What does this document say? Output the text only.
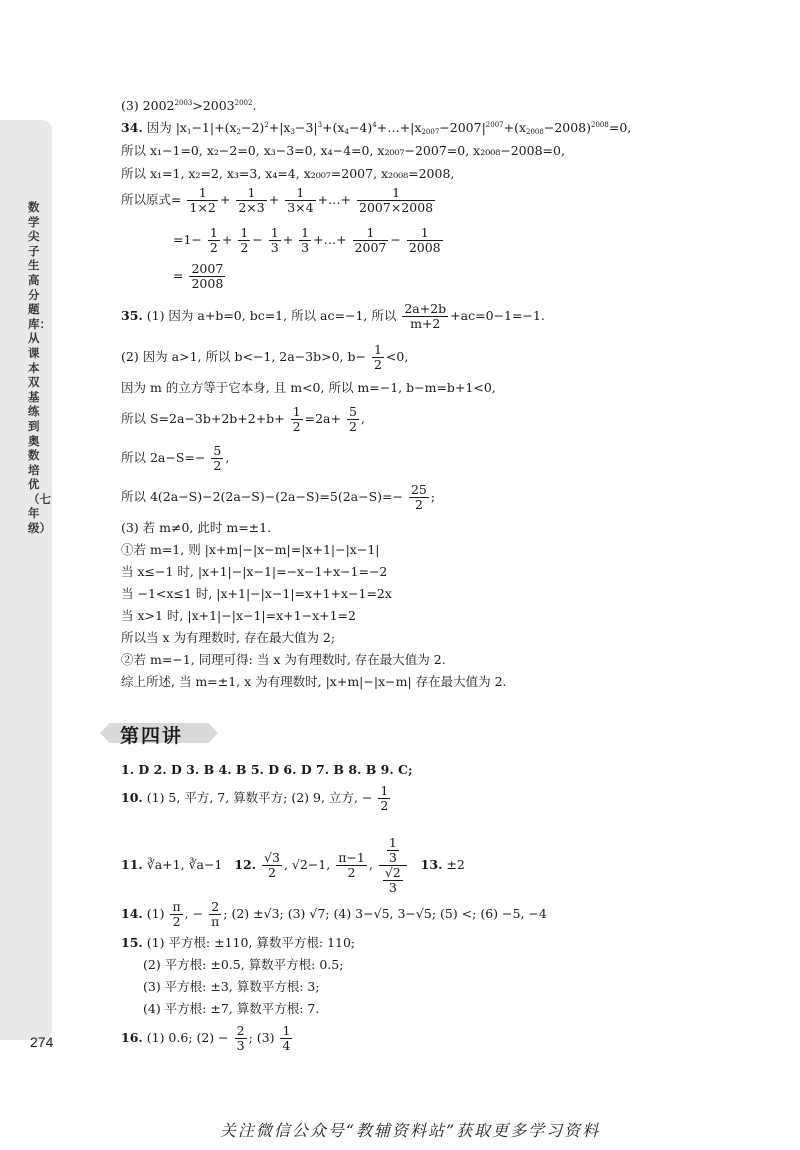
数学尖子生高分题库：从课本双基练到奥数培优（七年级）
274
(3) $2002^{2003}>2003^{2002}$.
34. 因为 $|x_1-1|+(x_2-2)^2+|x_3-3|^3+(x_4-4)^4+\dots+|x_{2007}-2007|^{2007}+(x_{2008}-2008)^{2008}=0$,
所以 x₁−1=0, x₂−2=0, x₃−3=0, x₄−4=0, x₂₀₀₇−2007=0, x₂₀₀₈−2008=0,
所以 x₁=1, x₂=2, x₃=3, x₄=4, x₂₀₀₇=2007, x₂₀₀₈=2008,
所以原式= $\frac{1}{1\times 2} + \frac{1}{2\times 3} + \frac{1}{3\times 4}$ +…+ $\frac{1}{2007\times 2008}$
$=1- \frac{1}{2} + \frac{1}{2} - \frac{1}{3} + \frac{1}{3}$ +…+ $\frac{1}{2007} - \frac{1}{2008}$
= $\frac{2007}{2008}$
35. (1) 因为 a+b=0, bc=1, 所以 ac=−1, 所以 $\frac{2a+2b}{m+2} +ac=0-1=-1$.
(2) 因为 a>1, 所以 b<−1, 2a−3b>0, $b- \frac{1}{2} <0$,
因为 m 的立方等于它本身, 且 m<0, 所以 m=−1, b−m=b+1<0,
所以 $S=2a-3b+2b+2+b+ \frac{1}{2} =2a+ \frac{5}{2}$ ,
所以 $2a-S=- \frac{5}{2}$ ,
所以 $4(2a-S)-2(2a-S)-(2a-S)=5(2a-S)=- \frac{25}{2}$ ;
(3) 若 m≠0, 此时 m=±1.
①若 m=1, 则 |x+m|−|x−m|=|x+1|−|x−1|
当 x≤−1 时, |x+1|−|x−1|=−x−1+x−1=−2
当 −1<x≤1 时, |x+1|−|x−1|=x+1+x−1=2x
当 x>1 时, |x+1|−|x−1|=x+1−x+1=2
所以当 x 为有理数时, 存在最大值为 2;
②若 m=−1, 同理可得: 当 x 为有理数时, 存在最大值为 2.
综上所述, 当 m=±1, x 为有理数时, |x+m|−|x−m| 存在最大值为 2.
1. D 2. D 3. B 4. B 5. D 6. D 7. B 8. B 9. C;
10. (1) 5, 平方, 7, 算数平方; (2) 9, 立方, − $\frac{1}{2}$
11. ∛a+1, ∛a−1 12. $\frac{√3}{2}$ , √2−1, $\frac{\pi-1}{2}$ , $\frac{\frac{1}{3}}{\frac{√2}{3}} 13$. ±2
14. $(1) \frac{\pi}{2}$ , − $\frac{2}{\pi}$ ; (2) ±√3; (3) √7; (4) 3−√5, 3−√5; (5) <; (6) −5, −4
15. (1) 平方根: ±110, 算数平方根: 110;
(2) 平方根: ±0.5, 算数平方根: 0.5;
(3) 平方根: ±3, 算数平方根: 3;
(4) 平方根: ±7, 算数平方根: 7.
16. (1) 0.6; $(2) - \frac{2}{3}$ ; $(3) \frac{1}{4}$
第四讲
关注微信公众号“教辅资料站”获取更多学习资料
